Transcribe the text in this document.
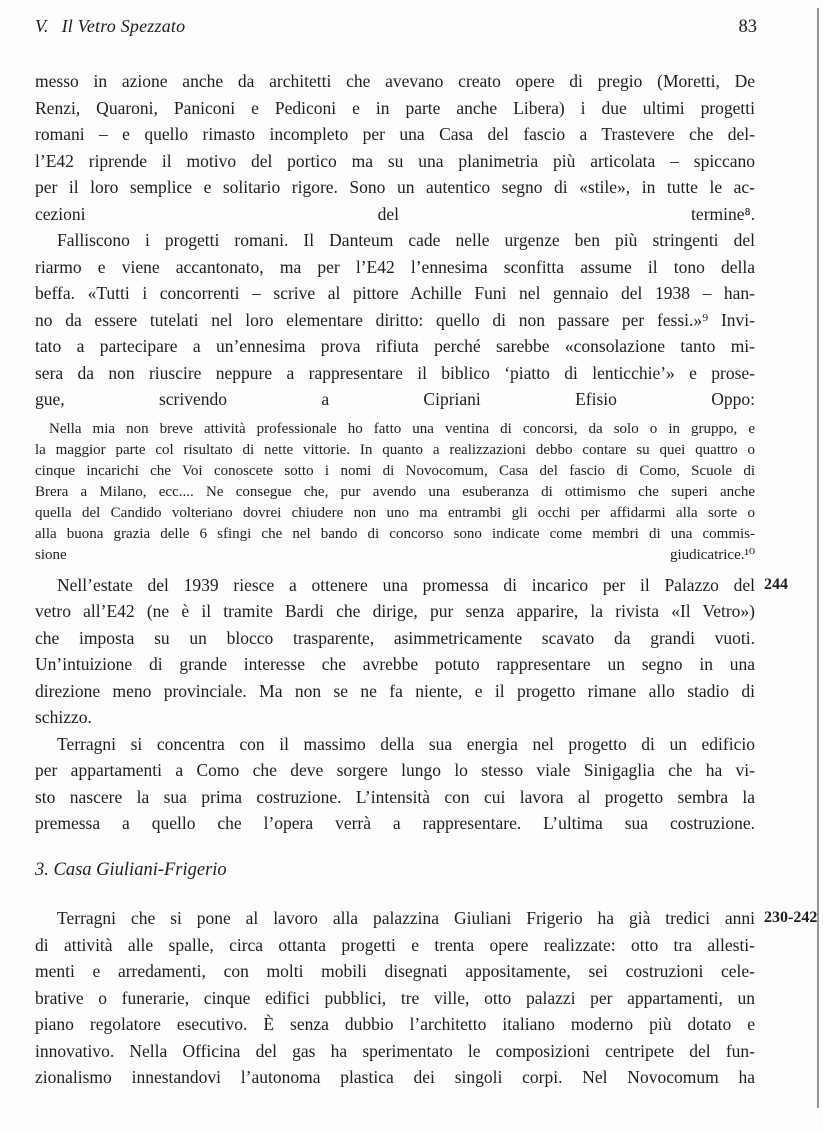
V. Il Vetro Spezzato	83
messo in azione anche da architetti che avevano creato opere di pregio (Moretti, De
Renzi, Quaroni, Paniconi e Pediconi e in parte anche Libera) i due ultimi progetti
romani – e quello rimasto incompleto per una Casa del fascio a Trastevere che del-
l’E42 riprende il motivo del portico ma su una planimetria più articolata – spiccano
per il loro semplice e solitario rigore. Sono un autentico segno di «stile», in tutte le ac-
cezioni del termine⁸.
Falliscono i progetti romani. Il Danteum cade nelle urgenze ben più stringenti del
riarmo e viene accantonato, ma per l’E42 l’ennesima sconfitta assume il tono della
beffa. «Tutti i concorrenti – scrive al pittore Achille Funi nel gennaio del 1938 – han-
no da essere tutelati nel loro elementare diritto: quello di non passare per fessi.»⁹ Invi-
tato a partecipare a un’ennesima prova rifiuta perché sarebbe «consolazione tanto mi-
sera da non riuscire neppure a rappresentare il biblico ‘piatto di lenticchie’» e prose-
gue, scrivendo a Cipriani Efisio Oppo:
Nella mia non breve attività professionale ho fatto una ventina di concorsi, da solo o in gruppo, e
la maggior parte col risultato di nette vittorie. In quanto a realizzazioni debbo contare su quei quattro o
cinque incarichi che Voi conoscete sotto i nomi di Novocomum, Casa del fascio di Como, Scuole di
Brera a Milano, ecc.... Ne consegue che, pur avendo una esuberanza di ottimismo che superi anche
quella del Candido volteriano dovrei chiudere non uno ma entrambi gli occhi per affidarmi alla sorte o
alla buona grazia delle 6 sfingi che nel bando di concorso sono indicate come membri di una commis-
sione giudicatrice.¹⁰
244
Nell’estate del 1939 riesce a ottenere una promessa di incarico per il Palazzo del
vetro all’E42 (ne è il tramite Bardi che dirige, pur senza apparire, la rivista «Il Vetro»)
che imposta su un blocco trasparente, asimmetricamente scavato da grandi vuoti.
Un’intuizione di grande interesse che avrebbe potuto rappresentare un segno in una
direzione meno provinciale. Ma non se ne fa niente, e il progetto rimane allo stadio di
schizzo.
Terragni si concentra con il massimo della sua energia nel progetto di un edificio
per appartamenti a Como che deve sorgere lungo lo stesso viale Sinigaglia che ha vi-
sto nascere la sua prima costruzione. L’intensità con cui lavora al progetto sembra la
premessa a quello che l’opera verrà a rappresentare. L’ultima sua costruzione.
3. Casa Giuliani-Frigerio
230-242
Terragni che si pone al lavoro alla palazzina Giuliani Frigerio ha già tredici anni
di attività alle spalle, circa ottanta progetti e trenta opere realizzate: otto tra allesti-
menti e arredamenti, con molti mobili disegnati appositamente, sei costruzioni cele-
brative o funerarie, cinque edifici pubblici, tre ville, otto palazzi per appartamenti, un
piano regolatore esecutivo. È senza dubbio l’architetto italiano moderno più dotato e
innovativo. Nella Officina del gas ha sperimentato le composizioni centripete del fun-
zionalismo innestandovi l’autonoma plastica dei singoli corpi. Nel Novocomum ha
